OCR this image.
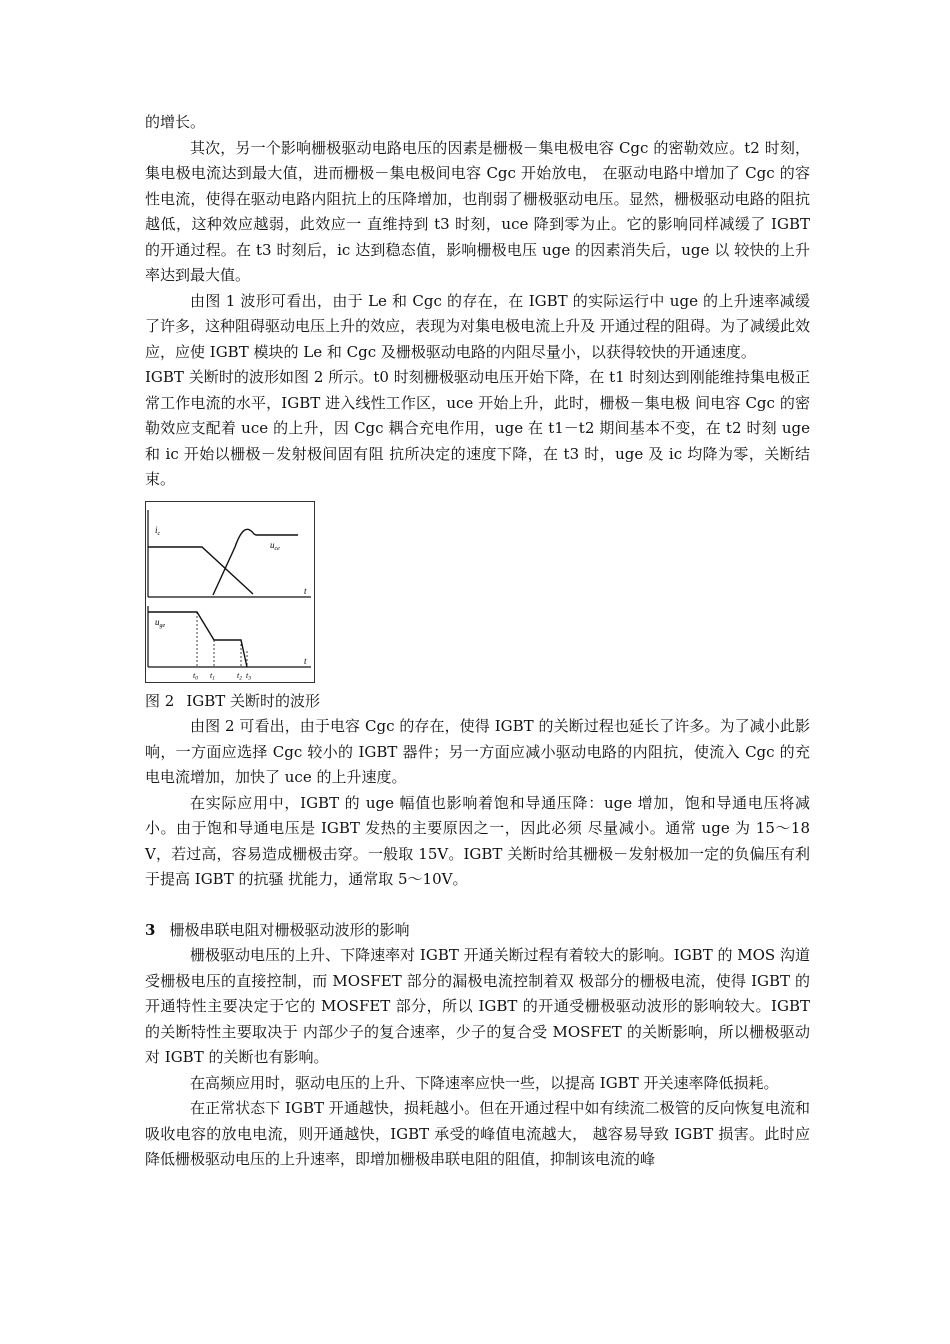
的增长。

其次，另一个影响栅极驱动电路电压的因素是栅极－集电极电容 Cgc 的密勒效应。t2 时刻，集电极电流达到最大值，进而栅极－集电极间电容 Cgc 开始放电， 在驱动电路中增加了 Cgc 的容性电流，使得在驱动电路内阻抗上的压降增加，也削弱了栅极驱动电压。显然，栅极驱动电路的阻抗越低，这种效应越弱，此效应一 直维持到 t3 时刻，uce 降到零为止。它的影响同样减缓了 IGBT 的开通过程。在 t3 时刻后，ic 达到稳态值，影响栅极电压 uge 的因素消失后，uge 以 较快的上升率达到最大值。

由图 1 波形可看出，由于 Le 和 Cgc 的存在，在 IGBT 的实际运行中 uge 的上升速率减缓了许多，这种阻碍驱动电压上升的效应，表现为对集电极电流上升及 开通过程的阻碍。为了减缓此效应，应使 IGBT 模块的 Le 和 Cgc 及栅极驱动电路的内阻尽量小，以获得较快的开通速度。

IGBT 关断时的波形如图 2 所示。t0 时刻栅极驱动电压开始下降，在 t1 时刻达到刚能维持集电极正常工作电流的水平，IGBT 进入线性工作区，uce 开始上升，此时，栅极－集电极 间电容 Cgc 的密勒效应支配着 uce 的上升，因 Cgc 耦合充电作用，uge 在 t1－t2 期间基本不变，在 t2 时刻 uge 和 ic 开始以栅极－发射极间固有阻 抗所决定的速度下降，在 t3 时，uge 及 ic 均降为零，关断结束。

$i_c$
$u_{ce}$
$u_{ge}$
t
t
t0 t1	t2 t3
图 2 IGBT 关断时的波形

由图 2 可看出，由于电容 Cgc 的存在，使得 IGBT 的关断过程也延长了许多。为了减小此影响，一方面应选择 Cgc 较小的 IGBT 器件；另一方面应减小驱动电路的内阻抗，使流入 Cgc 的充电电流增加，加快了 uce 的上升速度。

在实际应用中，IGBT 的 uge 幅值也影响着饱和导通压降：uge 增加，饱和导通电压将减小。由于饱和导通电压是 IGBT 发热的主要原因之一，因此必须 尽量减小。通常 uge 为 15～18V，若过高，容易造成栅极击穿。一般取 15V。IGBT 关断时给其栅极－发射极加一定的负偏压有利于提高 IGBT 的抗骚 扰能力，通常取 5～10V。

3 栅极串联电阻对栅极驱动波形的影响

栅极驱动电压的上升、下降速率对 IGBT 开通关断过程有着较大的影响。IGBT 的 MOS 沟道受栅极电压的直接控制，而 MOSFET 部分的漏极电流控制着双 极部分的栅极电流，使得 IGBT 的开通特性主要决定于它的 MOSFET 部分，所以 IGBT 的开通受栅极驱动波形的影响较大。IGBT 的关断特性主要取决于 内部少子的复合速率，少子的复合受 MOSFET 的关断影响，所以栅极驱动对 IGBT 的关断也有影响。

在高频应用时，驱动电压的上升、下降速率应快一些，以提高 IGBT 开关速率降低损耗。

在正常状态下 IGBT 开通越快，损耗越小。但在开通过程中如有续流二极管的反向恢复电流和吸收电容的放电电流，则开通越快，IGBT 承受的峰值电流越大， 越容易导致 IGBT 损害。此时应降低栅极驱动电压的上升速率，即增加栅极串联电阻的阻值，抑制该电流的峰
